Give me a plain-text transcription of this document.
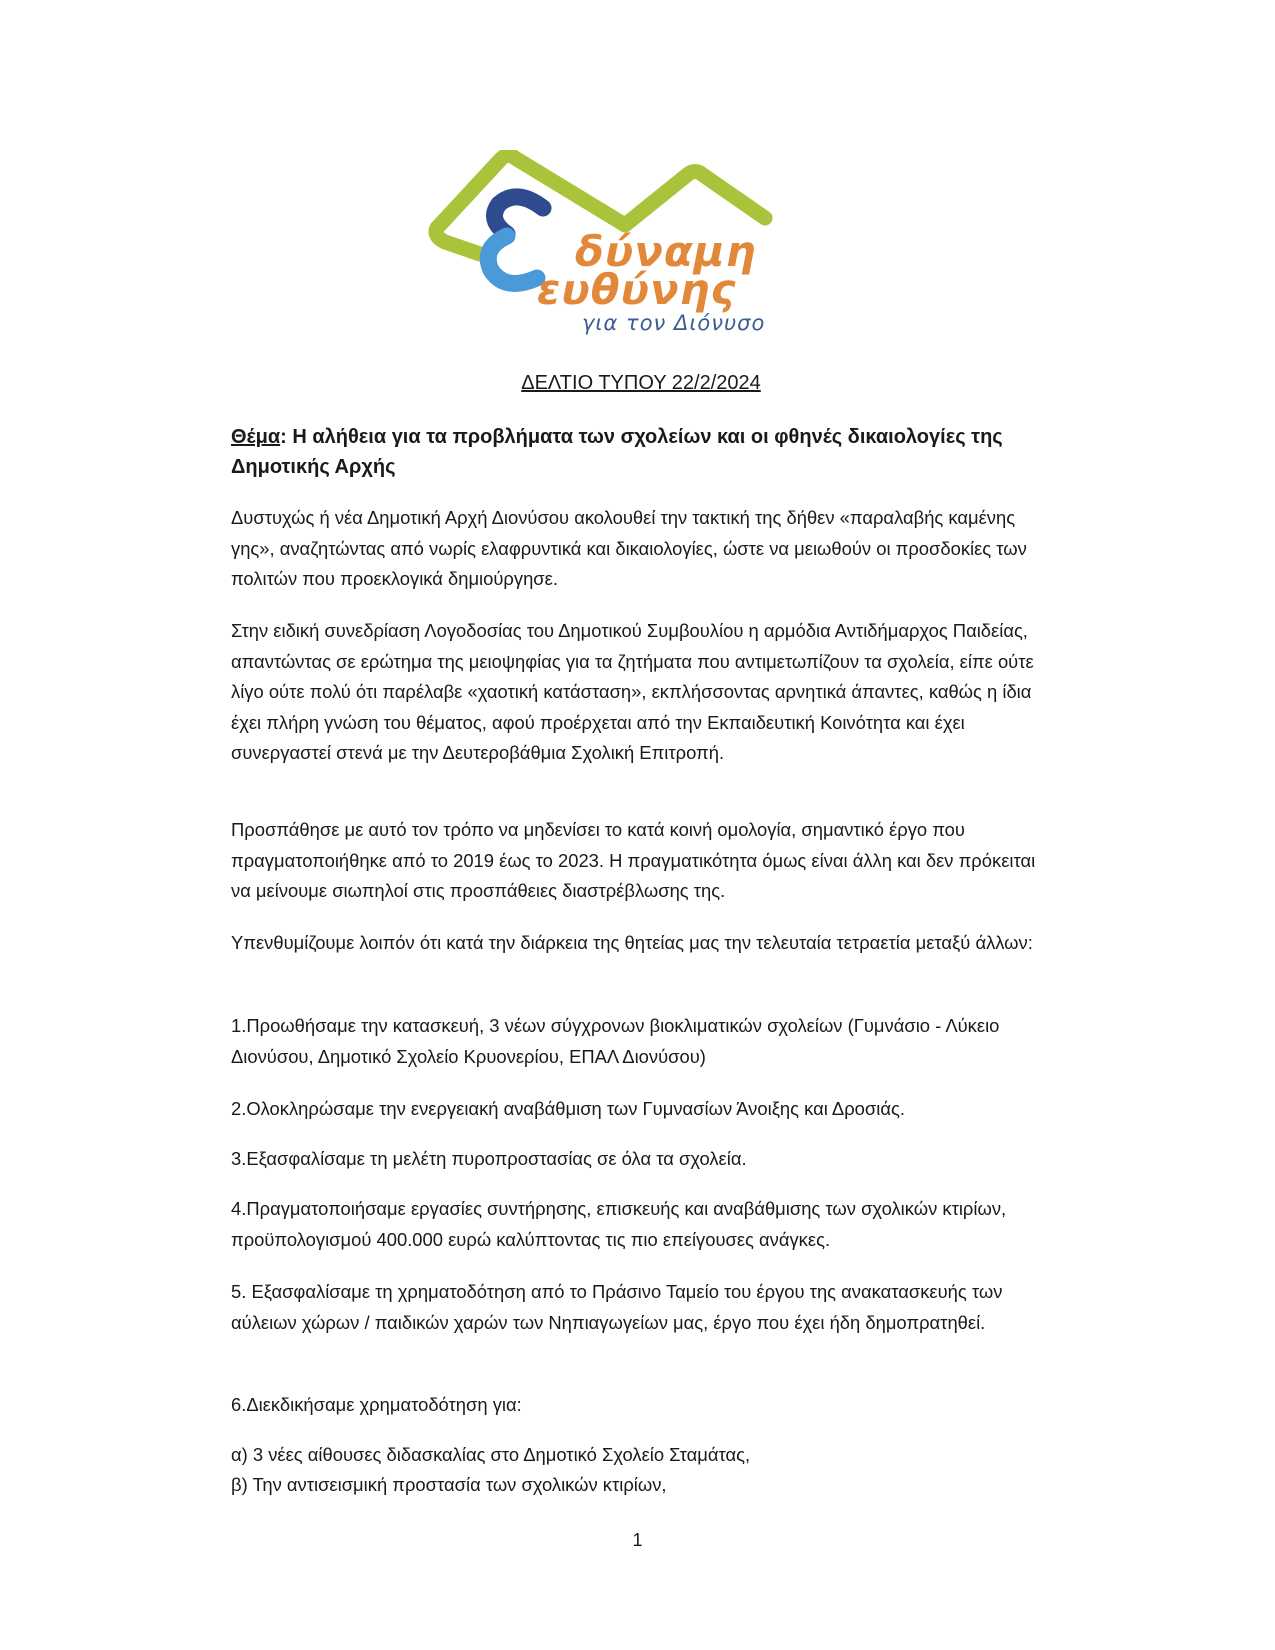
δύναμη
ευθύνης
για τον Διόνυσο
ΔΕΛΤΙΟ ΤΥΠΟΥ 22/2/2024
Θέμα: Η αλήθεια για τα προβλήματα των σχολείων και οι φθηνές δικαιολογίες της Δημοτικής Αρχής

Δυστυχώς ή νέα Δημοτική Αρχή Διονύσου ακολουθεί την τακτική της δήθεν «παραλαβής καμένης γης», αναζητώντας από νωρίς ελαφρυντικά και δικαιολογίες, ώστε να μειωθούν οι προσδοκίες των πολιτών που προεκλογικά δημιούργησε.

Στην ειδική συνεδρίαση Λογοδοσίας του Δημοτικού Συμβουλίου η αρμόδια Αντιδήμαρχος Παιδείας, απαντώντας σε ερώτημα της μειοψηφίας για τα ζητήματα που αντιμετωπίζουν τα σχολεία, είπε ούτε λίγο ούτε πολύ ότι παρέλαβε «χαοτική κατάσταση», εκπλήσσοντας αρνητικά άπαντες, καθώς η ίδια έχει πλήρη γνώση του θέματος, αφού προέρχεται από την Εκπαιδευτική Κοινότητα και έχει συνεργαστεί στενά με την Δευτεροβάθμια Σχολική Επιτροπή.

Προσπάθησε με αυτό τον τρόπο να μηδενίσει το κατά κοινή ομολογία, σημαντικό έργο που πραγματοποιήθηκε από το 2019 έως το 2023. Η πραγματικότητα όμως είναι άλλη και δεν πρόκειται να μείνουμε σιωπηλοί στις προσπάθειες διαστρέβλωσης της.

Υπενθυμίζουμε λοιπόν ότι κατά την διάρκεια της θητείας μας την τελευταία τετραετία μεταξύ άλλων:

1.Προωθήσαμε την κατασκευή, 3 νέων σύγχρονων βιοκλιματικών σχολείων (Γυμνάσιο - Λύκειο Διονύσου, Δημοτικό Σχολείο Κρυονερίου, ΕΠΑΛ Διονύσου)

2.Ολοκληρώσαμε την ενεργειακή αναβάθμιση των Γυμνασίων Άνοιξης και Δροσιάς.

3.Εξασφαλίσαμε τη μελέτη πυροπροστασίας σε όλα τα σχολεία.

4.Πραγματοποιήσαμε εργασίες συντήρησης, επισκευής και αναβάθμισης των σχολικών κτιρίων, προϋπολογισμού 400.000 ευρώ καλύπτοντας τις πιο επείγουσες ανάγκες.

5. Εξασφαλίσαμε τη χρηματοδότηση από το Πράσινο Ταμείο του έργου της ανακατασκευής των αύλειων χώρων / παιδικών χαρών των Νηπιαγωγείων μας, έργο που έχει ήδη δημοπρατηθεί.

6.Διεκδικήσαμε χρηματοδότηση για:

α) 3 νέες αίθουσες διδασκαλίας στο Δημοτικό Σχολείο Σταμάτας,
β) Την αντισεισμική προστασία των σχολικών κτιρίων,
1
